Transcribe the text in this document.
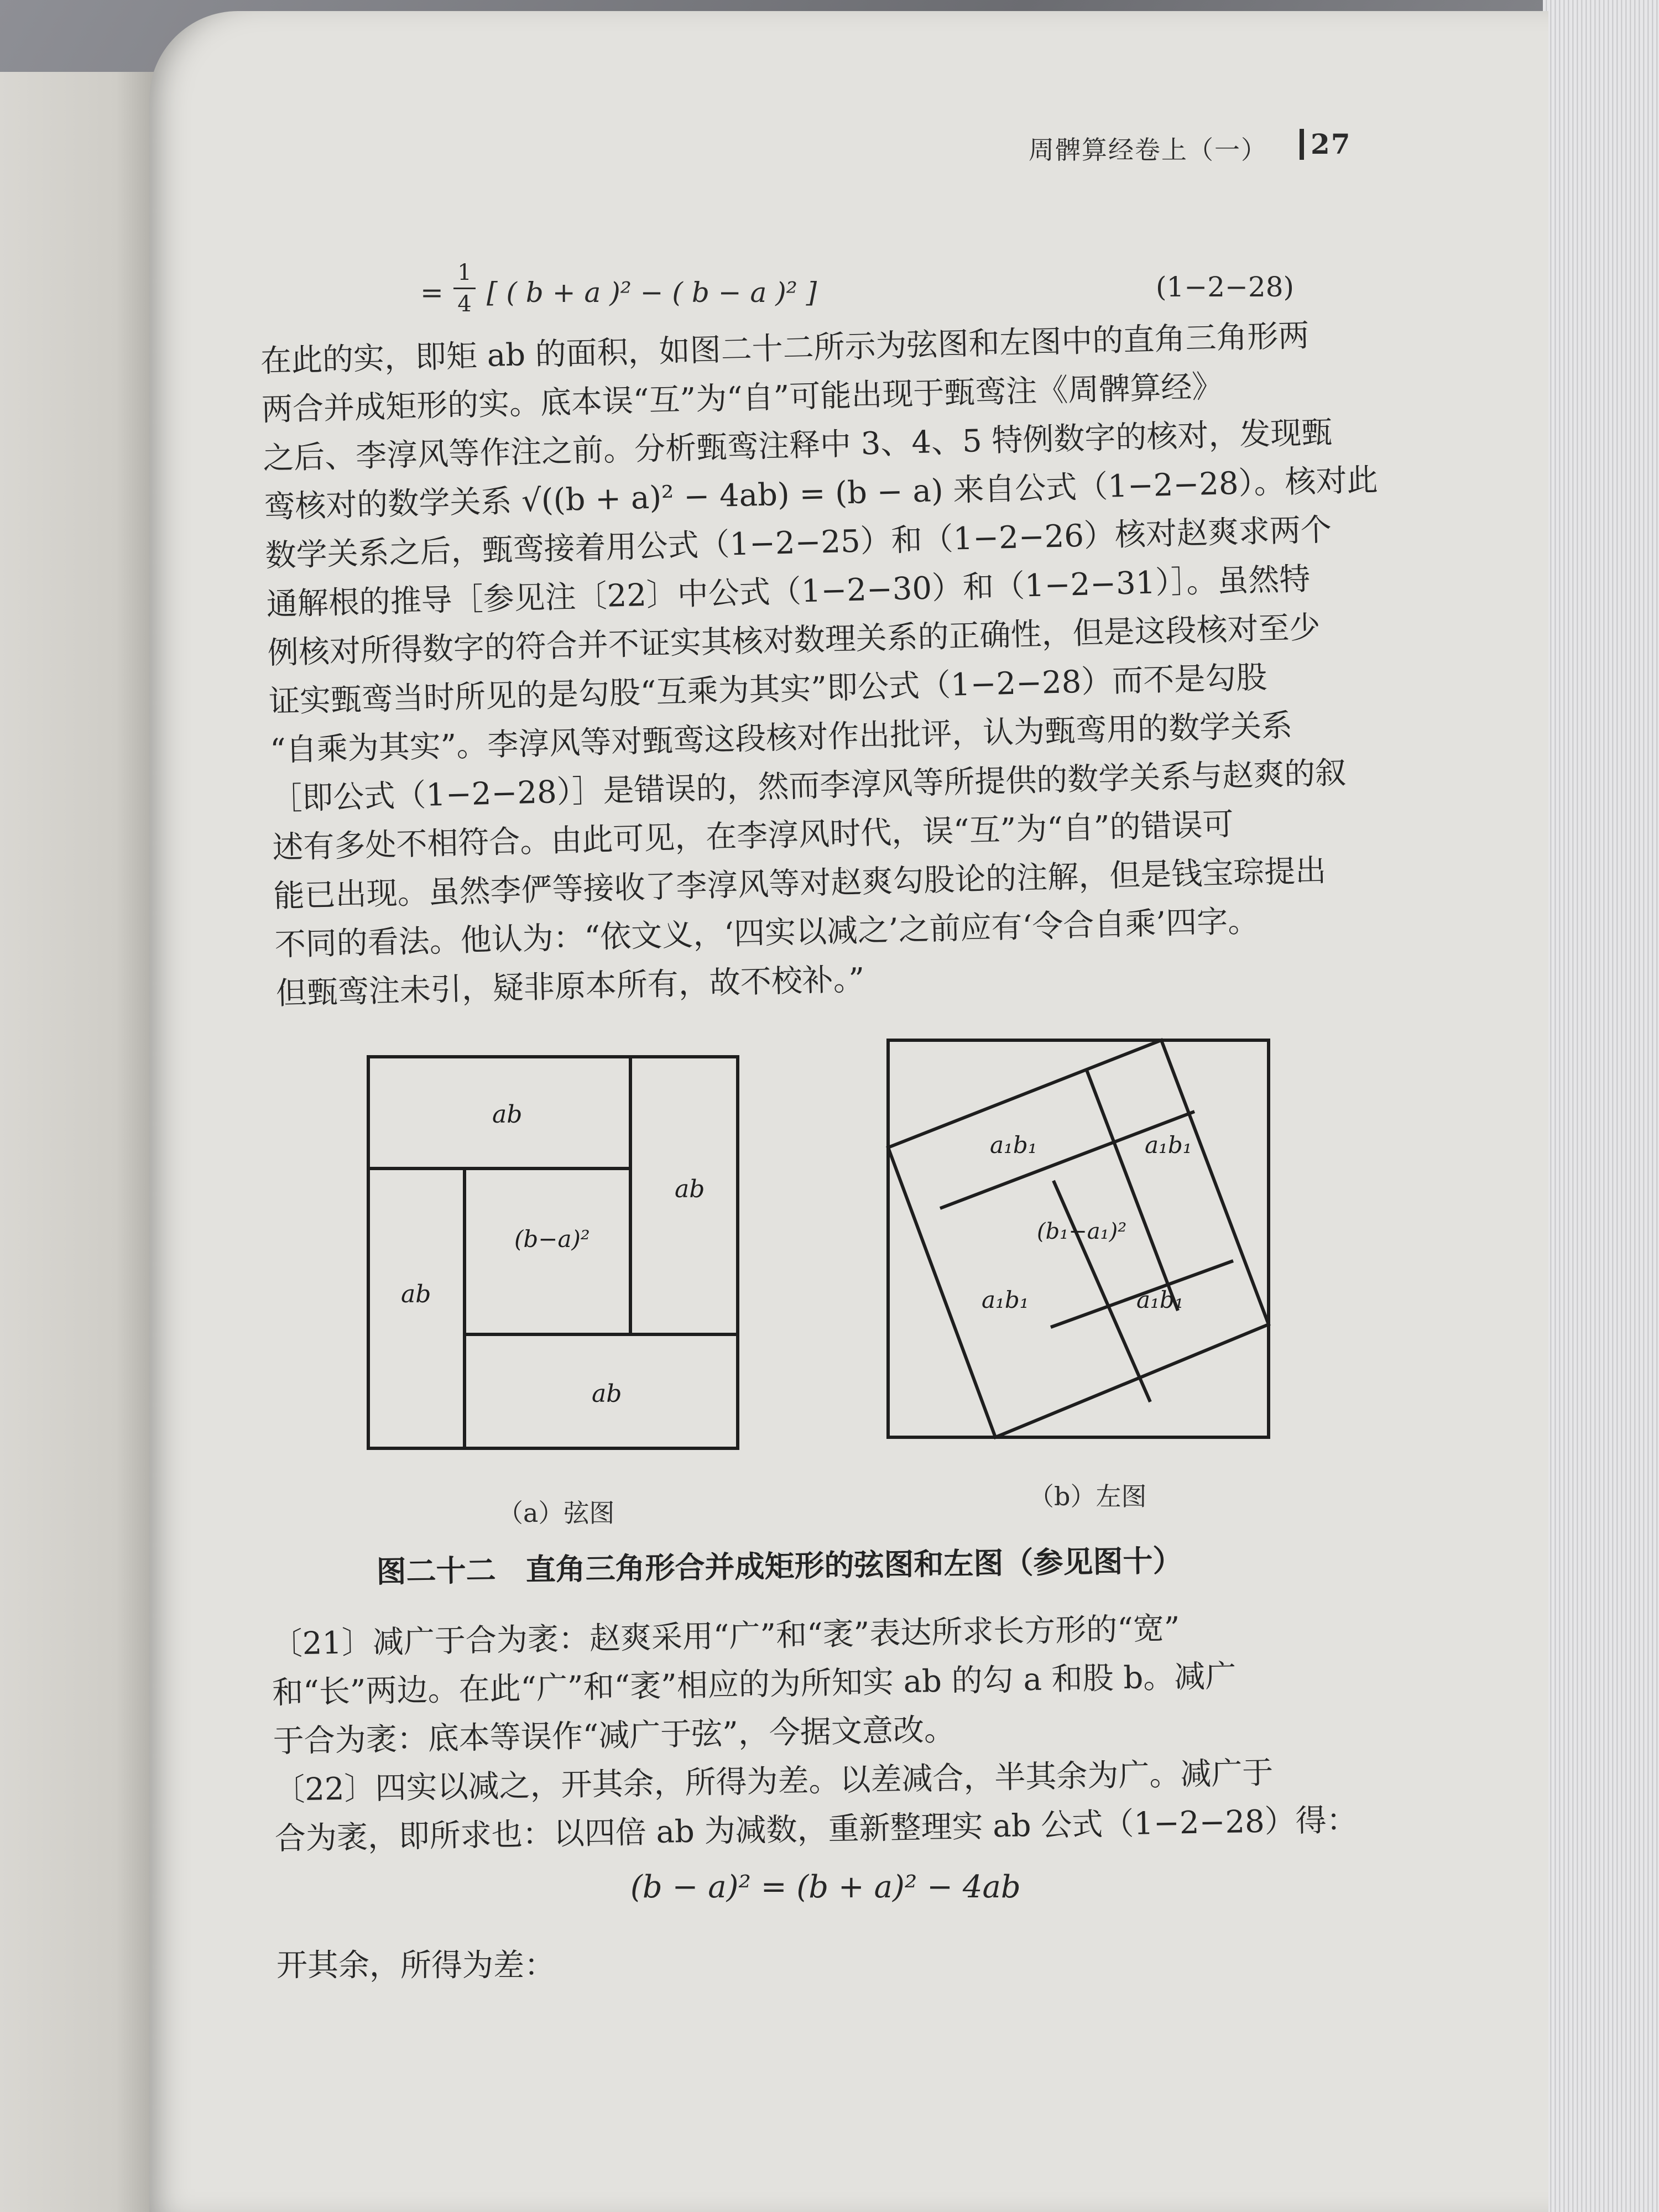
周髀算经卷上（一） 27
=
1
4 [ ( b + a )² − ( b − a )² ]	(1−2−28)

在此的实，即矩 ab 的面积，如图二十二所示为弦图和左图中的直角三角形两

两合并成矩形的实。底本误“互”为“自”可能出现于甄鸾注《周髀算经》

之后、李淳风等作注之前。分析甄鸾注释中 3、4、5 特例数字的核对，发现甄

鸾核对的数学关系 √((b + a)² − 4ab) = (b − a) 来自公式（1−2−28）。核对此

数学关系之后，甄鸾接着用公式（1−2−25）和（1−2−26）核对赵爽求两个

通解根的推导［参见注〔22〕中公式（1−2−30）和（1−2−31）］。虽然特

例核对所得数字的符合并不证实其核对数理关系的正确性，但是这段核对至少

证实甄鸾当时所见的是勾股“互乘为其实”即公式（1−2−28）而不是勾股

“自乘为其实”。李淳风等对甄鸾这段核对作出批评，认为甄鸾用的数学关系

［即公式（1−2−28）］是错误的，然而李淳风等所提供的数学关系与赵爽的叙

述有多处不相符合。由此可见，在李淳风时代，误“互”为“自”的错误可

能已出现。虽然李俨等接收了李淳风等对赵爽勾股论的注解，但是钱宝琮提出

不同的看法。他认为：“依文义，‘四实以减之’之前应有‘令合自乘’四字。

但甄鸾注未引，疑非原本所有，故不校补。”

ab
ab
ab
ab
(b−a)²
a₁b₁	a₁b₁
a₁b₁	a₁b₁
(b₁−a₁)²
（a）弦图
（b）左图
图二十二　直角三角形合并成矩形的弦图和左图（参见图十）

〔21〕减广于合为袤：赵爽采用“广”和“袤”表达所求长方形的“宽”

和“长”两边。在此“广”和“袤”相应的为所知实 ab 的勾 a 和股 b。减广

于合为袤：底本等误作“减广于弦”，今据文意改。

〔22〕四实以减之，开其余，所得为差。以差减合，半其余为广。减广于

合为袤，即所求也：以四倍 ab 为减数，重新整理实 ab 公式（1−2−28）得：

(b − a)² = (b + a)² − 4ab
开其余，所得为差：
